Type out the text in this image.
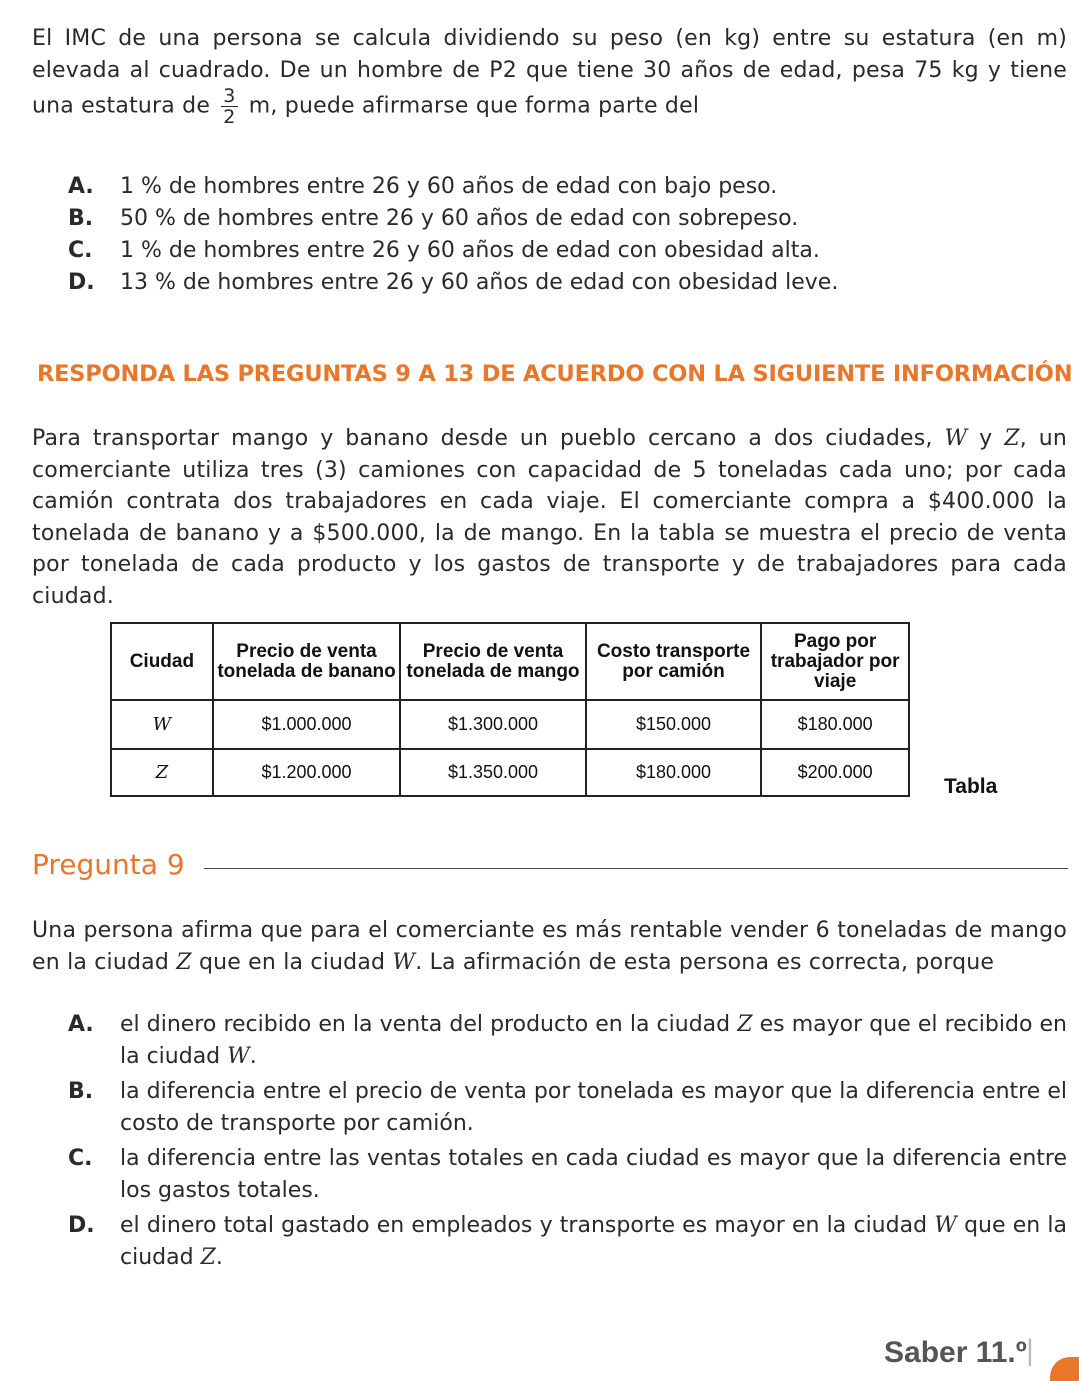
El IMC de una persona se calcula dividiendo su peso (en kg) entre su estatura (en m) elevada al cuadrado. De un hombre de P2 que tiene 30 años de edad, pesa 75 kg y tiene una estatura de $\frac{3}{2} m$, puede afirmarse que forma parte del
A. 1 % de hombres entre 26 y 60 años de edad con bajo peso.
B. 50 % de hombres entre 26 y 60 años de edad con sobrepeso.
C. 1 % de hombres entre 26 y 60 años de edad con obesidad alta.
D. 13 % de hombres entre 26 y 60 años de edad con obesidad leve.
RESPONDA LAS PREGUNTAS 9 A 13 DE ACUERDO CON LA SIGUIENTE INFORMACIÓN
Para transportar mango y banano desde un pueblo cercano a dos ciudades, W y Z, un comerciante utiliza tres (3) camiones con capacidad de 5 toneladas cada uno; por cada camión contrata dos trabajadores en cada viaje. El comerciante compra a $400.000 la tonelada de banano y a $500.000, la de mango. En la tabla se muestra el precio de venta por tonelada de cada producto y los gastos de transporte y de trabajadores para cada ciudad.
Ciudad	Precio de venta tonelada de banano	Precio de venta tonelada de mango	Costo transporte por camión	Pago por trabajador por viaje
W	$1.000.000	$1.300.000	$150.000	$180.000
Z	$1.200.000	$1.350.000	$180.000	$200.000
Tabla
Pregunta 9
Una persona afirma que para el comerciante es más rentable vender 6 toneladas de mango en la ciudad Z que en la ciudad W. La afirmación de esta persona es correcta, porque
A. el dinero recibido en la venta del producto en la ciudad Z es mayor que el recibido en la ciudad W.
B. la diferencia entre el precio de venta por tonelada es mayor que la diferencia entre el costo de transporte por camión.
C. la diferencia entre las ventas totales en cada ciudad es mayor que la diferencia entre los gastos totales.
D. el dinero total gastado en empleados y transporte es mayor en la ciudad W que en la ciudad Z.
Saber 11.º |
